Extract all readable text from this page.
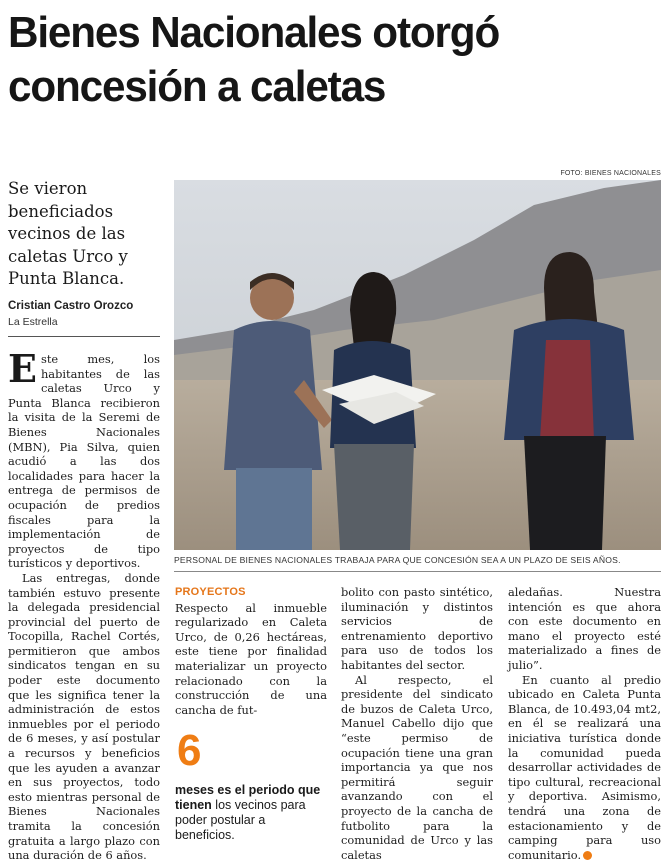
Bienes Nacionales otorgó concesión a caletas
Se vieron beneficiados vecinos de las caletas Urco y Punta Blanca.
Cristian Castro Orozco
La Estrella
FOTO: BIENES NACIONALES
PERSONAL DE BIENES NACIONALES TRABAJA PARA QUE CONCESIÓN SEA A UN PLAZO DE SEIS AÑOS.

Este mes, los habitantes de las caletas Urco y Punta Blanca recibieron la visita de la Seremi de Bienes Nacionales (MBN), Pia Silva, quien acudió a las dos localidades para hacer la entrega de permisos de ocupación de predios fiscales para la implementación de proyectos de tipo turísticos y deportivos.

Las entregas, donde también estuvo presente la delegada presidencial provincial del puerto de Tocopilla, Rachel Cortés, permitieron que ambos sindicatos tengan en su poder este documento que les significa tener la administración de estos inmuebles por el periodo de 6 meses, y así postular a recursos y beneficios que les ayuden a avanzar en sus proyectos, todo esto mientras personal de Bienes Nacionales tramita la concesión gratuita a largo plazo con una duración de 6 años.

PROYECTOS

Respecto al inmueble regularizado en Caleta Urco, de 0,26 hectáreas, este tiene por finalidad materializar un proyecto relacionado con la construcción de una cancha de fut-

6
meses es el periodo que tienen los vecinos para poder postular a beneficios.

bolito con pasto sintético, iluminación y distintos servicios de entrenamiento deportivo para uso de todos los habitantes del sector.

Al respecto, el presidente del sindicato de buzos de Caleta Urco, Manuel Cabello dijo que “este permiso de ocupación tiene una gran importancia ya que nos permitirá seguir avanzando con el proyecto de la cancha de futbolito para la comunidad de Urco y las caletas

aledañas. Nuestra intención es que ahora con este documento en mano el proyecto esté materializado a fines de julio”.

En cuanto al predio ubicado en Caleta Punta Blanca, de 10.493,04 mt2, en él se realizará una iniciativa turística donde la comunidad pueda desarrollar actividades de tipo cultural, recreacional y deportiva. Asimismo, tendrá una zona de estacionamiento y de camping para uso comunitario.
